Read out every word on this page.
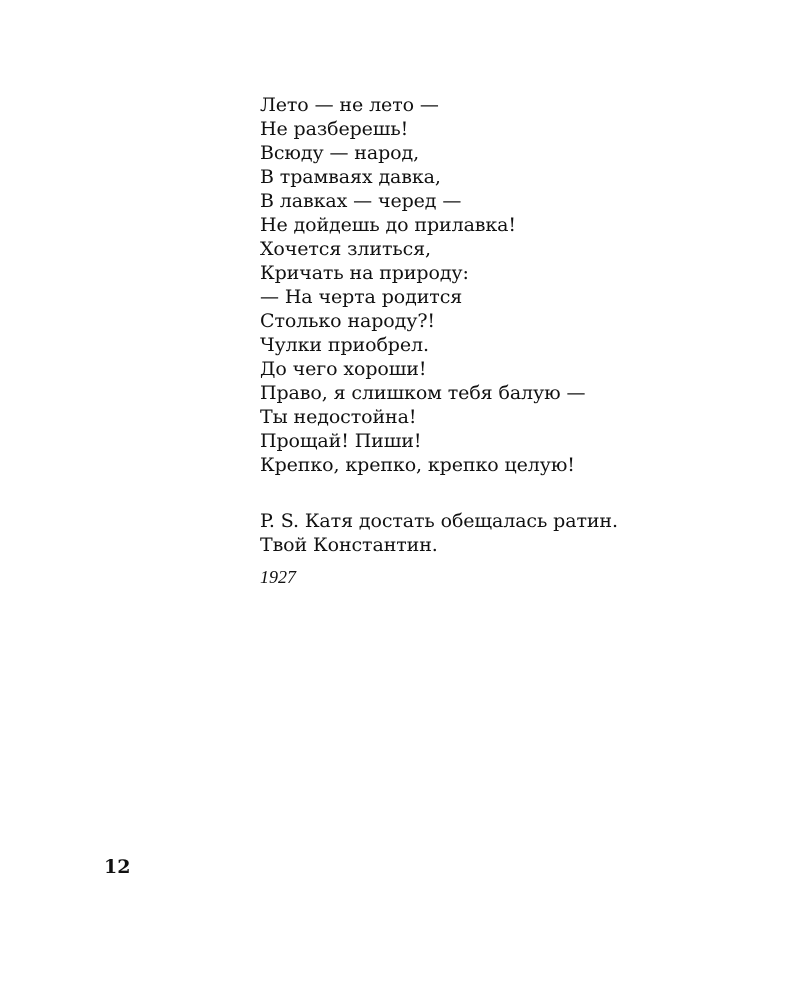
Лето — не лето —
Не разберешь!
Всюду — народ,
В трамваях давка,
В лавках — черед —
Не дойдешь до прилавка!
Хочется злиться,
Кричать на природу:
— На черта родится
Столько народу?!
Чулки приобрел.
До чего хороши!
Право, я слишком тебя балую —
Ты недостойна!
Прощай! Пиши!
Крепко, крепко, крепко целую!
P. S. Катя достать обещалась ратин.
Твой Константин.
1927
12
